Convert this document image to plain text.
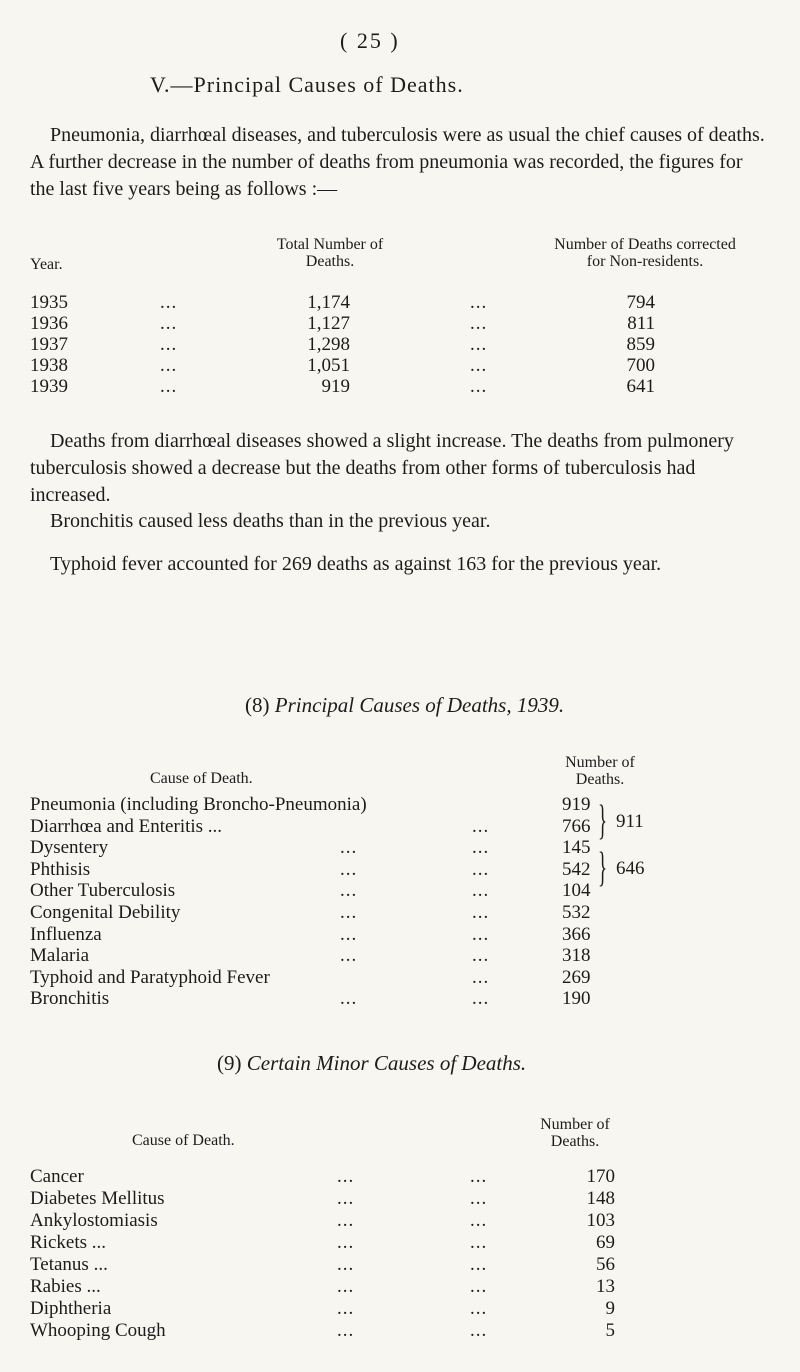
( 25 )
V.—Principal Causes of Deaths.
Pneumonia, diarrhœal diseases, and tuberculosis were as usual the chief causes of deaths. A further decrease in the number of deaths from pneumonia was recorded, the figures for the last five years being as follows :—
Year.
Total Number of
Deaths.
Number of Deaths corrected
for Non-residents.
1935	...	1,174	...	794
1936	...	1,127	...	811
1937	...	1,298	...	859
1938	...	1,051	...	700
1939	...	919	...	641
Deaths from diarrhœal diseases showed a slight increase. The deaths from pulmonery tuberculosis showed a decrease but the deaths from other forms of tuberculosis had increased.
Bronchitis caused less deaths than in the previous year.
Typhoid fever accounted for 269 deaths as against 163 for the previous year.
(8) Principal Causes of Deaths, 1939.
Cause of Death.
Number of
Deaths.
Pneumonia (including Broncho-Pneumonia)	919
Diarrhœa and Enteritis ...	...	766
Dysentery	...	...	145
Phthisis	...	...	542
Other Tuberculosis	...	...	104
Congenital Debility	...	...	532
Influenza	...	...	366
Malaria	...	...	318
Typhoid and Paratyphoid Fever	...	269
Bronchitis	...	...	190
} 911
} 646
(9) Certain Minor Causes of Deaths.
Cause of Death.
Number of
Deaths.
Cancer	...	...	170
Diabetes Mellitus	...	...	148
Ankylostomiasis	...	...	103
Rickets ...	...	...	69
Tetanus ...	...	...	56
Rabies ...	...	...	13
Diphtheria	...	...	9
Whooping Cough	...	...	5
